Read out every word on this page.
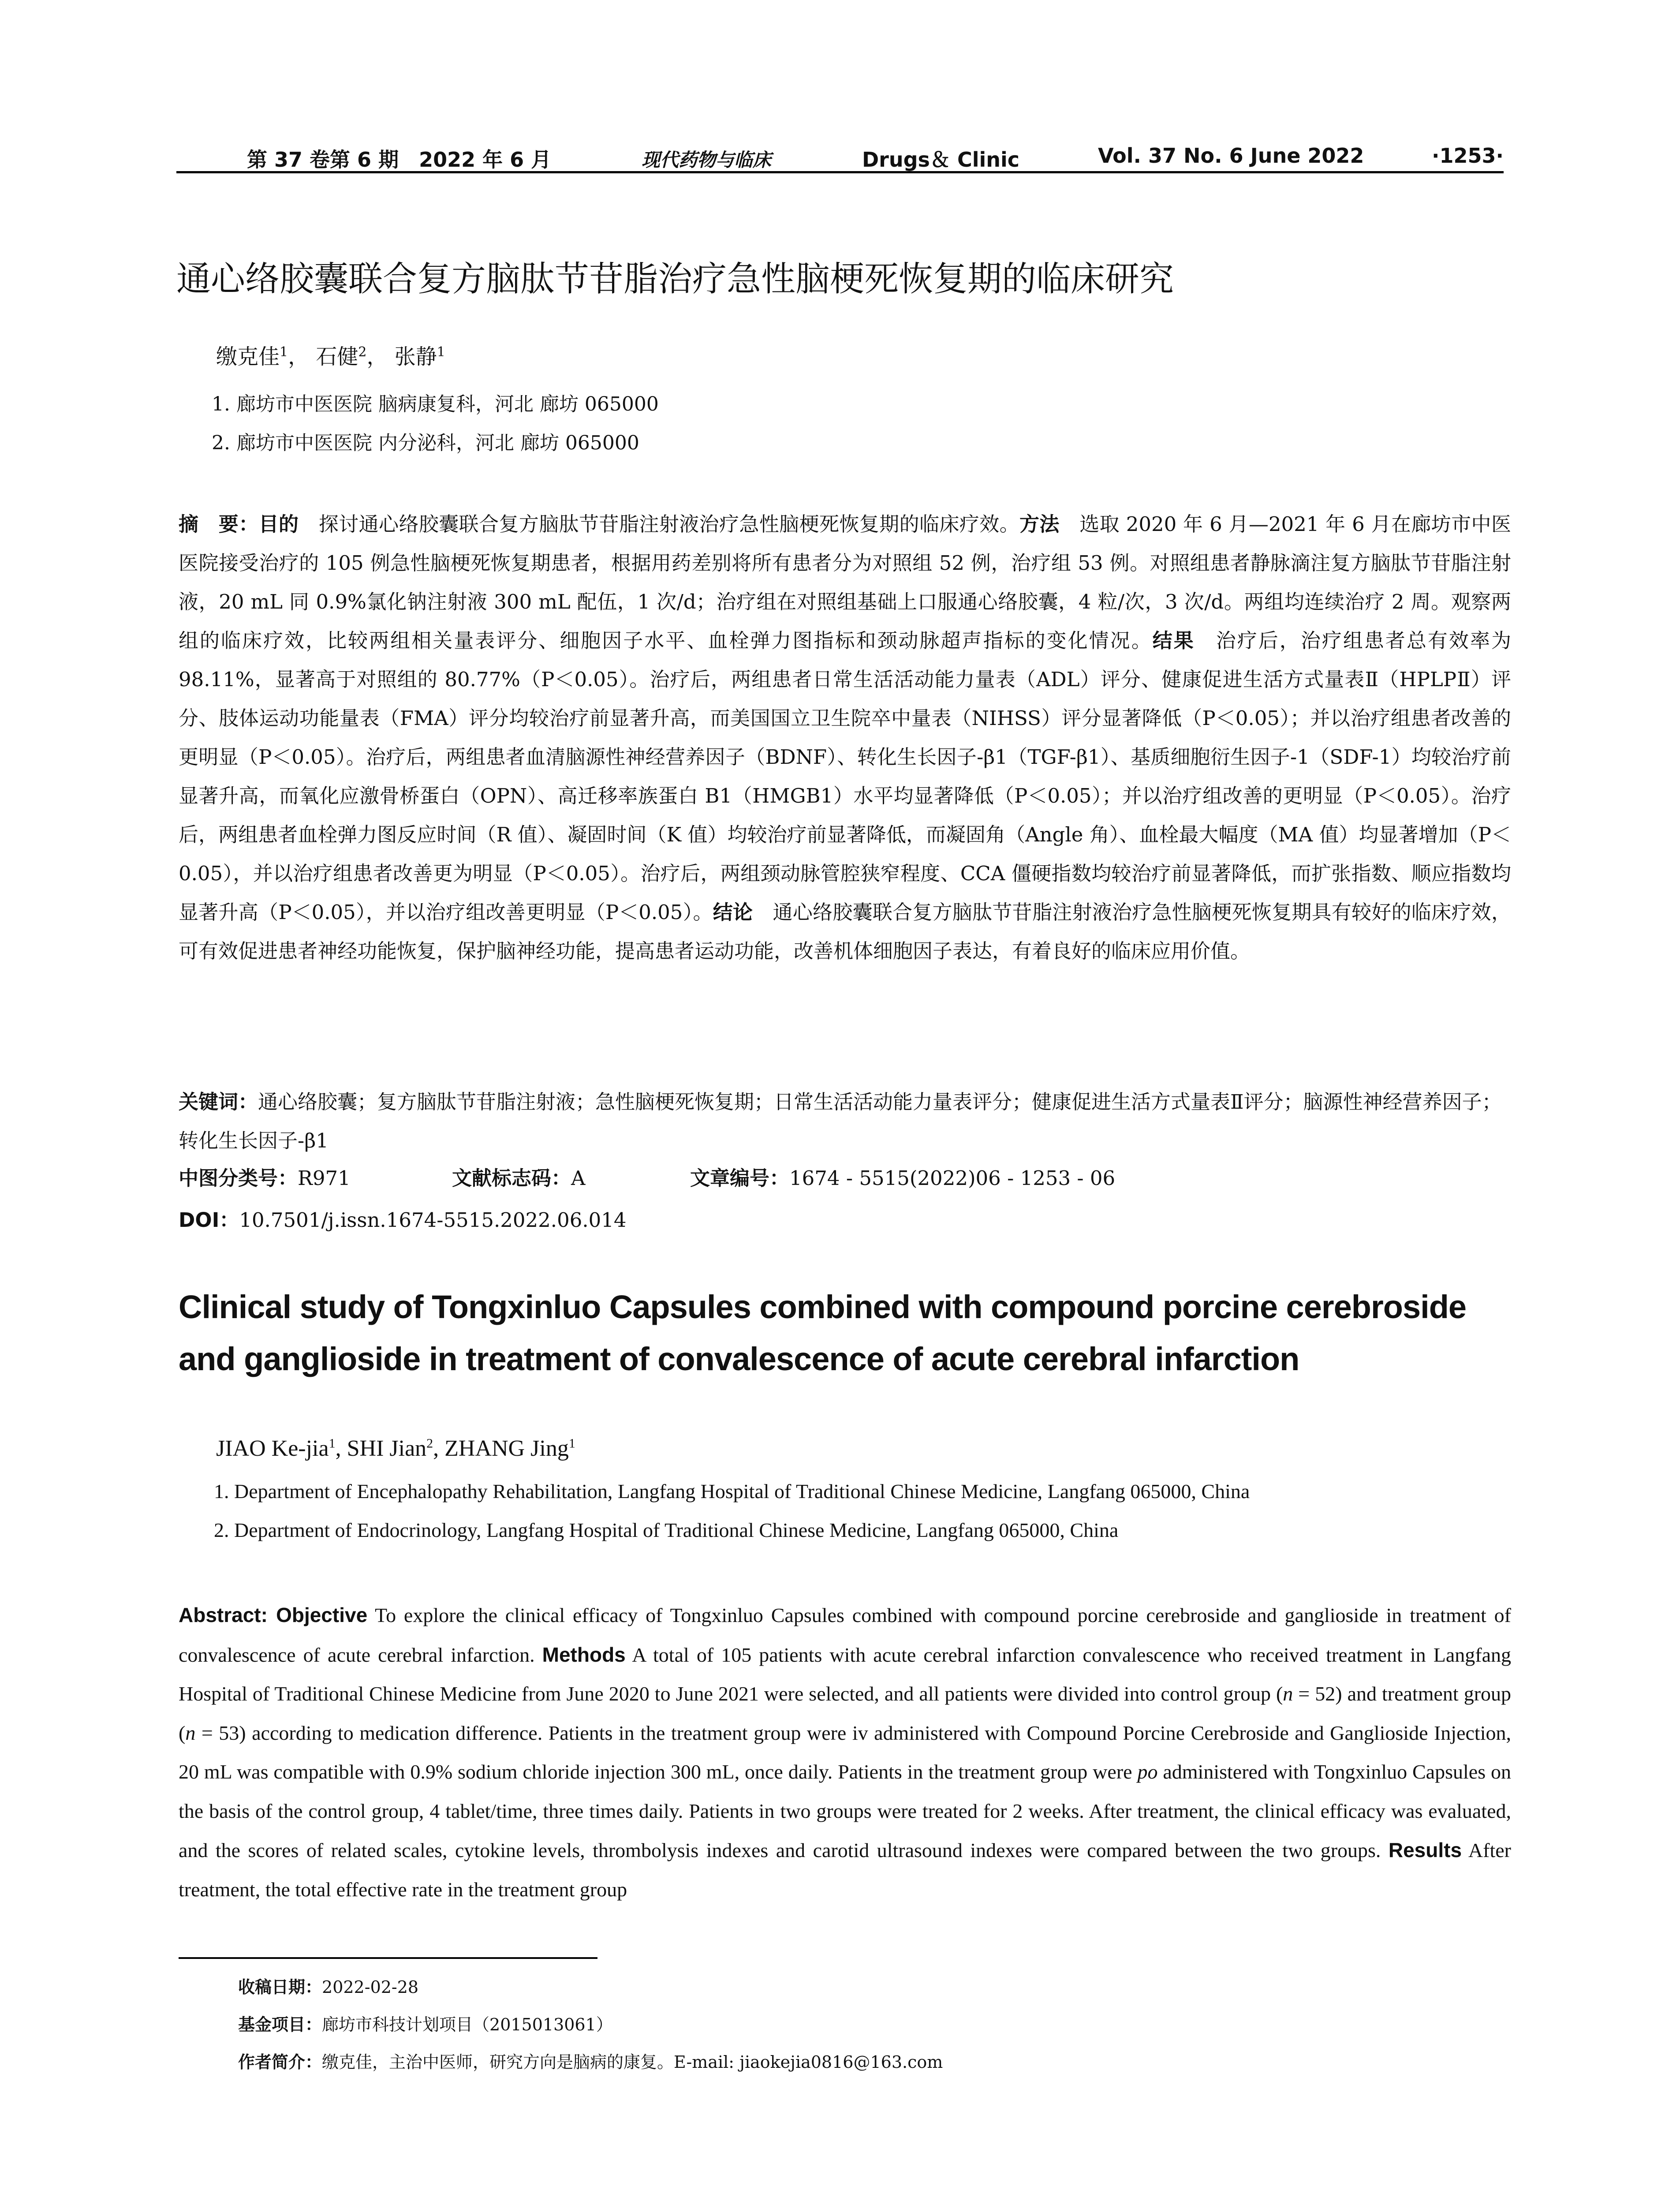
第 37 卷第 6 期　2022 年 6 月	现代药物与临床	Drugs＆ Clinic	Vol. 37 No. 6 June 2022	·1253·
通心络胶囊联合复方脑肽节苷脂治疗急性脑梗死恢复期的临床研究
缴克佳$^1$， 石健$^2$， 张静$^1$
1. 廊坊市中医医院 脑病康复科，河北 廊坊 065000
2. 廊坊市中医医院 内分泌科，河北 廊坊 065000
摘　要：目的　探讨通心络胶囊联合复方脑肽节苷脂注射液治疗急性脑梗死恢复期的临床疗效。方法　选取 2020 年 6 月—2021 年 6 月在廊坊市中医医院接受治疗的 105 例急性脑梗死恢复期患者，根据用药差别将所有患者分为对照组 52 例，治疗组 53 例。对照组患者静脉滴注复方脑肽节苷脂注射液，20 mL 同 0.9%氯化钠注射液 300 mL 配伍，1 次/d；治疗组在对照组基础上口服通心络胶囊，4 粒/次，3 次/d。两组均连续治疗 2 周。观察两组的临床疗效，比较两组相关量表评分、细胞因子水平、血栓弹力图指标和颈动脉超声指标的变化情况。结果　治疗后，治疗组患者总有效率为 98.11%，显著高于对照组的 80.77%（P＜0.05）。治疗后，两组患者日常生活活动能力量表（ADL）评分、健康促进生活方式量表Ⅱ（HPLPⅡ）评分、肢体运动功能量表（FMA）评分均较治疗前显著升高，而美国国立卫生院卒中量表（NIHSS）评分显著降低（P＜0.05）；并以治疗组患者改善的更明显（P＜0.05）。治疗后，两组患者血清脑源性神经营养因子（BDNF）、转化生长因子-β1（TGF-β1）、基质细胞衍生因子-1（SDF-1）均较治疗前显著升高，而氧化应激骨桥蛋白（OPN）、高迁移率族蛋白 B1（HMGB1）水平均显著降低（P＜0.05）；并以治疗组改善的更明显（P＜0.05）。治疗后，两组患者血栓弹力图反应时间（R 值）、凝固时间（K 值）均较治疗前显著降低，而凝固角（Angle 角）、血栓最大幅度（MA 值）均显著增加（P＜0.05），并以治疗组患者改善更为明显（P＜0.05）。治疗后，两组颈动脉管腔狭窄程度、CCA 僵硬指数均较治疗前显著降低，而扩张指数、顺应指数均显著升高（P＜0.05），并以治疗组改善更明显（P＜0.05）。结论　通心络胶囊联合复方脑肽节苷脂注射液治疗急性脑梗死恢复期具有较好的临床疗效，可有效促进患者神经功能恢复，保护脑神经功能，提高患者运动功能，改善机体细胞因子表达，有着良好的临床应用价值。
关键词：通心络胶囊；复方脑肽节苷脂注射液；急性脑梗死恢复期；日常生活活动能力量表评分；健康促进生活方式量表Ⅱ评分；脑源性神经营养因子；转化生长因子-β1
中图分类号：R971	文献标志码：A	文章编号：1674 - 5515(2022)06 - 1253 - 06
DOI：10.7501/j.issn.1674-5515.2022.06.014
Clinical study of Tongxinluo Capsules combined with compound porcine cerebroside and ganglioside in treatment of convalescence of acute cerebral infarction
JIAO Ke-jia$^1$, SHI Jian$^2$, ZHANG Jing$^1$
1. Department of Encephalopathy Rehabilitation, Langfang Hospital of Traditional Chinese Medicine, Langfang 065000, China
2. Department of Endocrinology, Langfang Hospital of Traditional Chinese Medicine, Langfang 065000, China
Abstract: Objective To explore the clinical efficacy of Tongxinluo Capsules combined with compound porcine cerebroside and ganglioside in treatment of convalescence of acute cerebral infarction. Methods A total of 105 patients with acute cerebral infarction convalescence who received treatment in Langfang Hospital of Traditional Chinese Medicine from June 2020 to June 2021 were selected, and all patients were divided into control group (n = 52) and treatment group (n = 53) according to medication difference. Patients in the treatment group were iv administered with Compound Porcine Cerebroside and Ganglioside Injection, 20 mL was compatible with 0.9% sodium chloride injection 300 mL, once daily. Patients in the treatment group were po administered with Tongxinluo Capsules on the basis of the control group, 4 tablet/time, three times daily. Patients in two groups were treated for 2 weeks. After treatment, the clinical efficacy was evaluated, and the scores of related scales, cytokine levels, thrombolysis indexes and carotid ultrasound indexes were compared between the two groups. Results After treatment, the total effective rate in the treatment group
收稿日期：2022-02-28
基金项目：廊坊市科技计划项目（2015013061）
作者简介：缴克佳，主治中医师，研究方向是脑病的康复。E-mail: jiaokejia0816@163.com
